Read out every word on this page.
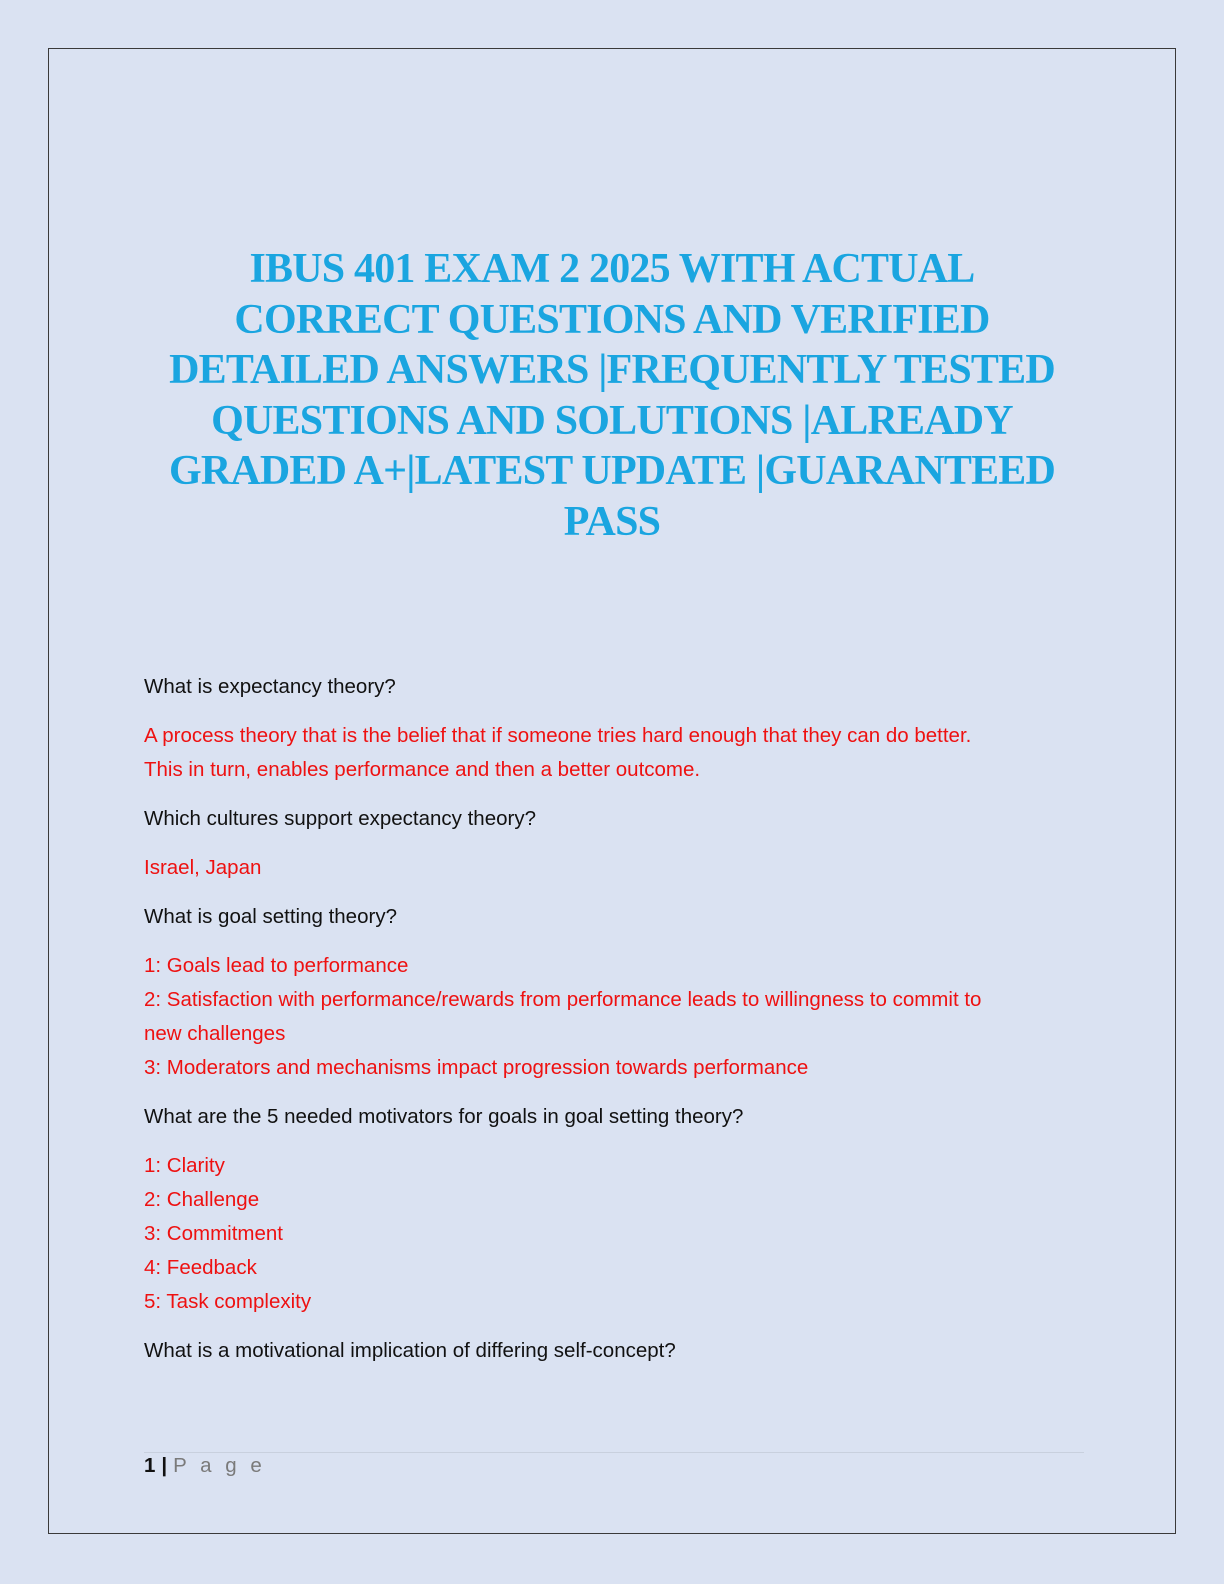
IBUS 401 EXAM 2 2025 WITH ACTUAL
CORRECT QUESTIONS AND VERIFIED
DETAILED ANSWERS |FREQUENTLY TESTED
QUESTIONS AND SOLUTIONS |ALREADY
GRADED A+|LATEST UPDATE |GUARANTEED
PASS

What is expectancy theory?

A process theory that is the belief that if someone tries hard enough that they can do better.
This in turn, enables performance and then a better outcome.

Which cultures support expectancy theory?

Israel, Japan

What is goal setting theory?

1: Goals lead to performance
2: Satisfaction with performance/rewards from performance leads to willingness to commit to
new challenges
3: Moderators and mechanisms impact progression towards performance

What are the 5 needed motivators for goals in goal setting theory?

1: Clarity
2: Challenge
3: Commitment
4: Feedback
5: Task complexity

What is a motivational implication of differing self-concept?

1 | P a g e
